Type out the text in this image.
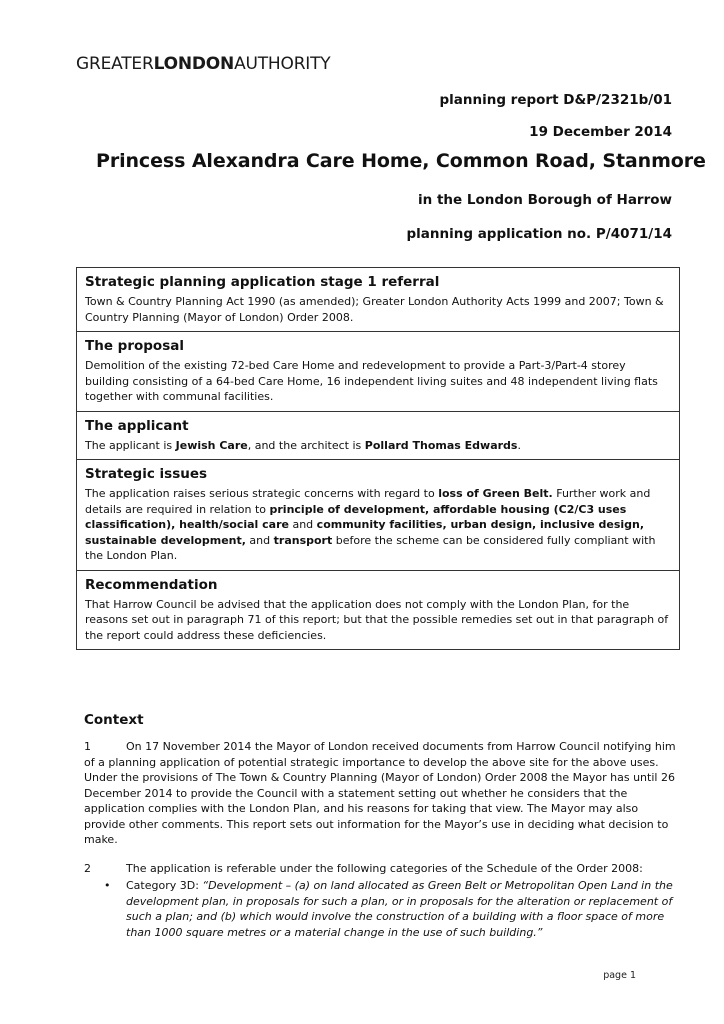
GREATERLONDONAUTHORITY
planning report D&P/2321b/01
19 December 2014
Princess Alexandra Care Home, Common Road, Stanmore
in the London Borough of Harrow
planning application no. P/4071/14
Strategic planning application stage 1 referral

Town & Country Planning Act 1990 (as amended); Greater London Authority Acts 1999 and 2007; Town & Country Planning (Mayor of London) Order 2008.

The proposal

Demolition of the existing 72-bed Care Home and redevelopment to provide a Part-3/Part-4 storey building consisting of a 64-bed Care Home, 16 independent living suites and 48 independent living flats together with communal facilities.

The applicant

The applicant is Jewish Care, and the architect is Pollard Thomas Edwards.

Strategic issues

The application raises serious strategic concerns with regard to loss of Green Belt. Further work and details are required in relation to principle of development, affordable housing (C2/C3 uses classification), health/social care and community facilities, urban design, inclusive design, sustainable development, and transport before the scheme can be considered fully compliant with the London Plan.

Recommendation

That Harrow Council be advised that the application does not comply with the London Plan, for the reasons set out in paragraph 71 of this report; but that the possible remedies set out in that paragraph of the report could address these deficiencies.

Context
1	On 17 November 2014 the Mayor of London received documents from Harrow Council notifying him of a planning application of potential strategic importance to develop the above site for the above uses. Under the provisions of The Town & Country Planning (Mayor of London) Order 2008 the Mayor has until 26 December 2014 to provide the Council with a statement setting out whether he considers that the application complies with the London Plan, and his reasons for taking that view. The Mayor may also provide other comments. This report sets out information for the Mayor’s use in deciding what decision to make.
2	The application is referable under the following categories of the Schedule of the Order 2008:
•	Category 3D: “Development – (a) on land allocated as Green Belt or Metropolitan Open Land in the development plan, in proposals for such a plan, or in proposals for the alteration or replacement of such a plan; and (b) which would involve the construction of a building with a floor space of more than 1000 square metres or a material change in the use of such building.”
page 1
